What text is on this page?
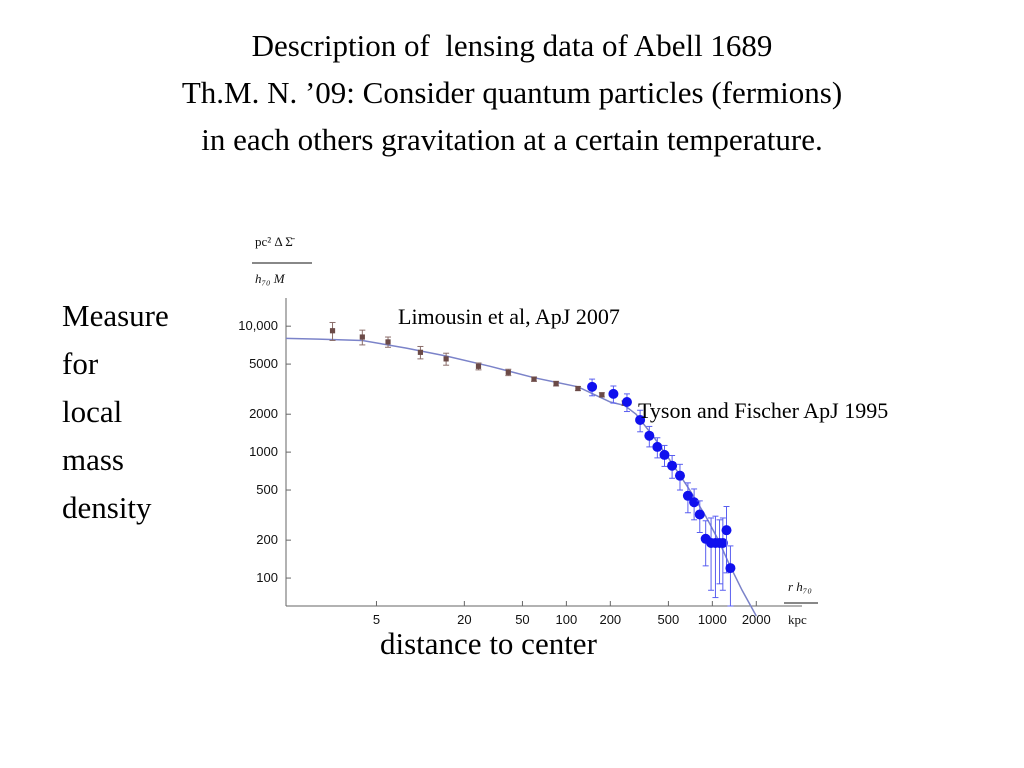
Description of  lensing data of Abell 1689
Th.M. N. ’09: Consider quantum particles (fermions)
in each others gravitation at a certain temperature.
Measure
for
local
mass
density
5	20	50 100 200	500 1000 2000
100
200
500
1000
2000
5000
10,000
pc² Δ Σ̄
h₇₀ M
r h₇₀
kpc
Limousin et al, ApJ 2007
Tyson and Fischer ApJ 1995
distance to center
